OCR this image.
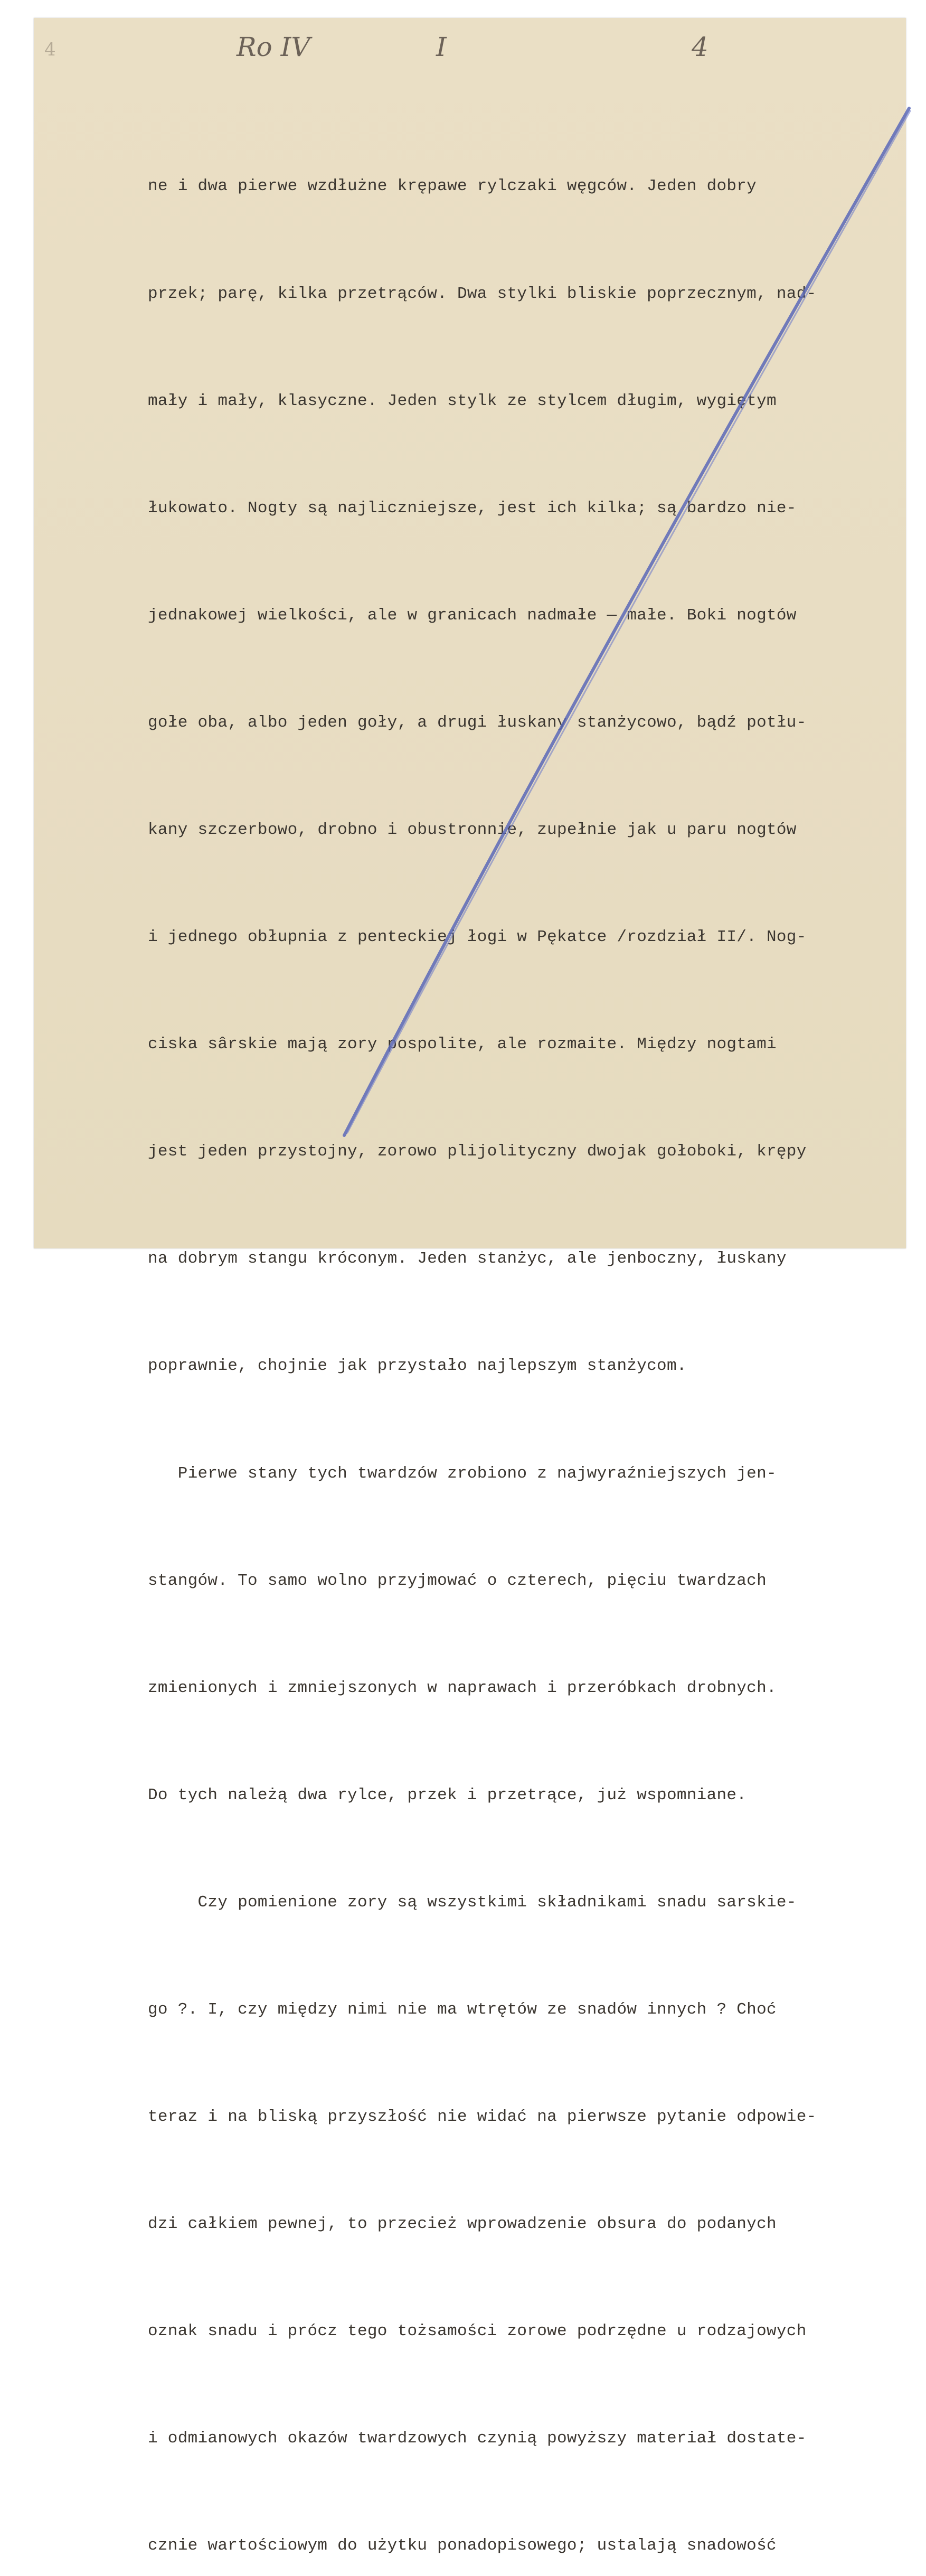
4	Ro IV	I	4

ne i dwa pierwe wzdłużne krępawe rylczaki węgców. Jeden dobry

przek; parę, kilka przetrąców. Dwa stylki bliskie poprzecznym, nad-

mały i mały, klasyczne. Jeden stylk ze stylcem długim, wygiętym

łukowato. Nogty są najliczniejsze, jest ich kilka; są bardzo nie-

jednakowej wielkości, ale w granicach nadmałe — małe. Boki nogtów

gołe oba, albo jeden goły, a drugi łuskany stanżycowo, bądź potłu-

kany szczerbowo, drobno i obustronnie, zupełnie jak u paru nogtów

i jednego obłupnia z penteckiej łogi w Pękatce /rozdział II/. Nog-

ciska sârskie mają zory pospolite, ale rozmaite. Między nogtami

jest jeden przystojny, zorowo plijolityczny dwojak gołoboki, krępy

na dobrym stangu króconym. Jeden stanżyc, ale jenboczny, łuskany

poprawnie, chojnie jak przystało najlepszym stanżycom.

Pierwe stany tych twardzów zrobiono z najwyraźniejszych jen-

stangów. To samo wolno przyjmować o czterech, pięciu twardzach

zmienionych i zmniejszonych w naprawach i przeróbkach drobnych.

Do tych należą dwa rylce, przek i przetrące, już wspomniane.

Czy pomienione zory są wszystkimi składnikami snadu sarskie-

go ?. I, czy między nimi nie ma wtrętów ze snadów innych ? Choć

teraz i na bliską przyszłość nie widać na pierwsze pytanie odpowie-

dzi całkiem pewnej, to przecież wprowadzenie obsura do podanych

oznak snadu i prócz tego tożsamości zorowe podrzędne u rodzajowych

i odmianowych okazów twardzowych czynią powyższy materiał dostate-

cznie wartościowym do użytku ponadopisowego; ustalają snadowość
